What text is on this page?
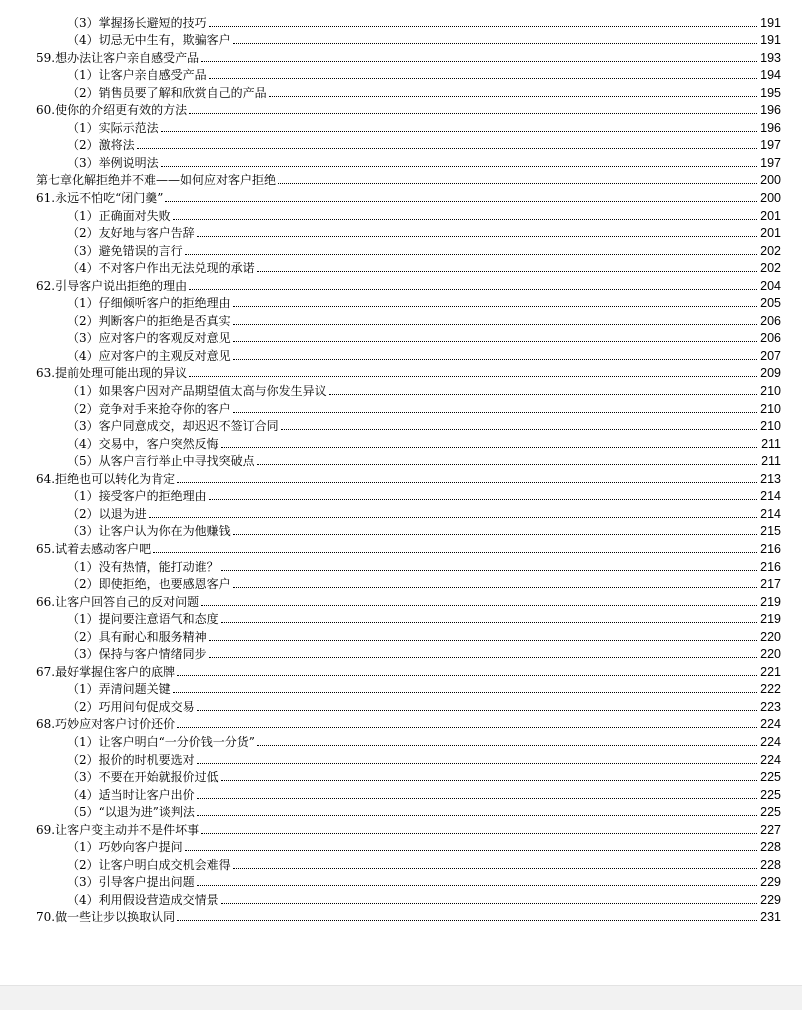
（3）掌握扬长避短的技巧	191
（4）切忌无中生有，欺骗客户	191
59.想办法让客户亲自感受产品	193
（1）让客户亲自感受产品	194
（2）销售员要了解和欣赏自己的产品	195
60.使你的介绍更有效的方法	196
（1）实际示范法	196
（2）激将法	197
（3）举例说明法	197
第七章化解拒绝并不难——如何应对客户拒绝	200
61.永远不怕吃“闭门羹”	200
（1）正确面对失败	201
（2）友好地与客户告辞	201
（3）避免错误的言行	202
（4）不对客户作出无法兑现的承诺	202
62.引导客户说出拒绝的理由	204
（1）仔细倾听客户的拒绝理由	205
（2）判断客户的拒绝是否真实	206
（3）应对客户的客观反对意见	206
（4）应对客户的主观反对意见	207
63.提前处理可能出现的异议	209
（1）如果客户因对产品期望值太高与你发生异议	210
（2）竞争对手来抢夺你的客户	210
（3）客户同意成交，却迟迟不签订合同	210
（4）交易中，客户突然反悔	211
（5）从客户言行举止中寻找突破点	211
64.拒绝也可以转化为肯定	213
（1）接受客户的拒绝理由	214
（2）以退为进	214
（3）让客户认为你在为他赚钱	215
65.试着去感动客户吧	216
（1）没有热情，能打动谁？	216
（2）即使拒绝，也要感恩客户	217
66.让客户回答自己的反对问题	219
（1）提问要注意语气和态度	219
（2）具有耐心和服务精神	220
（3）保持与客户情绪同步	220
67.最好掌握住客户的底牌	221
（1）弄清问题关键	222
（2）巧用问句促成交易	223
68.巧妙应对客户讨价还价	224
（1）让客户明白“一分价钱一分货”	224
（2）报价的时机要选对	224
（3）不要在开始就报价过低	225
（4）适当时让客户出价	225
（5）“以退为进”谈判法	225
69.让客户变主动并不是件坏事	227
（1）巧妙向客户提问	228
（2）让客户明白成交机会难得	228
（3）引导客户提出问题	229
（4）利用假设营造成交情景	229
70.做一些让步以换取认同	231
